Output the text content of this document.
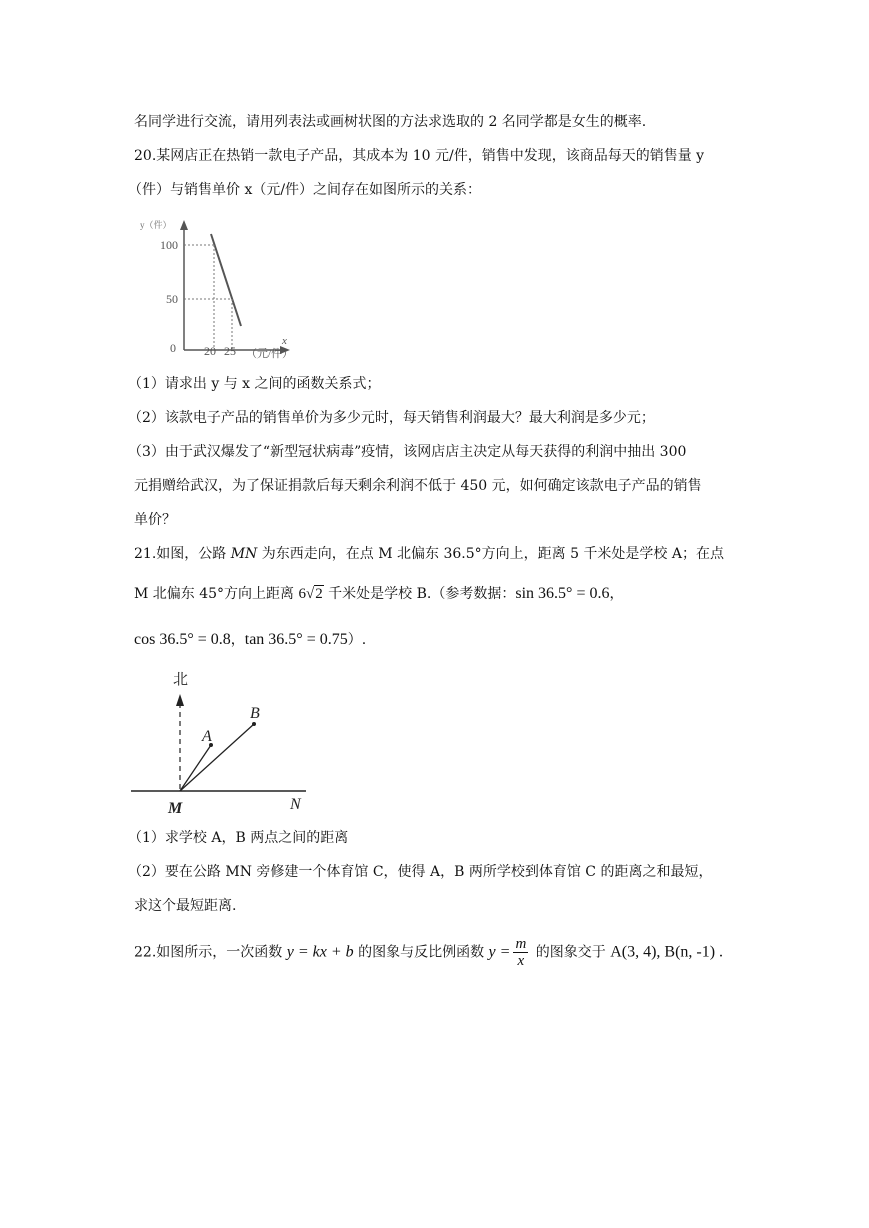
名同学进行交流，请用列表法或画树状图的方法求选取的 2 名同学都是女生的概率.
20.某网店正在热销一款电子产品，其成本为 10 元/件，销售中发现，该商品每天的销售量 y
（件）与销售单价 x（元/件）之间存在如图所示的关系：
y（件）
100
50
0 20 25
x
（元/件）
（1）请求出 y 与 x 之间的函数关系式；
（2）该款电子产品的销售单价为多少元时，每天销售利润最大？最大利润是多少元；
（3）由于武汉爆发了“新型冠状病毒”疫情，该网店店主决定从每天获得的利润中抽出 300
元捐赠给武汉，为了保证捐款后每天剩余利润不低于 450 元，如何确定该款电子产品的销售
单价？
21.如图，公路 MN 为东西走向，在点 M 北偏东 36.5°方向上，距离 5 千米处是学校 A；在点
M 北偏东 45°方向上距离 6√2 千米处是学校 B.（参考数据：sin 36.5° = 0.6，
cos 36.5° = 0.8，tan 36.5° = 0.75）.
北
A
B
M	N
（1）求学校 A，B 两点之间的距离
（2）要在公路 MN 旁修建一个体育馆 C，使得 A，B 两所学校到体育馆 C 的距离之和最短，
求这个最短距离.
22.如图所示，一次函数 y = kx + b 的图象与反比例函数 $y = \frac{m}{x}$ 的图象交于 A(3, 4), B(n, -1) .
